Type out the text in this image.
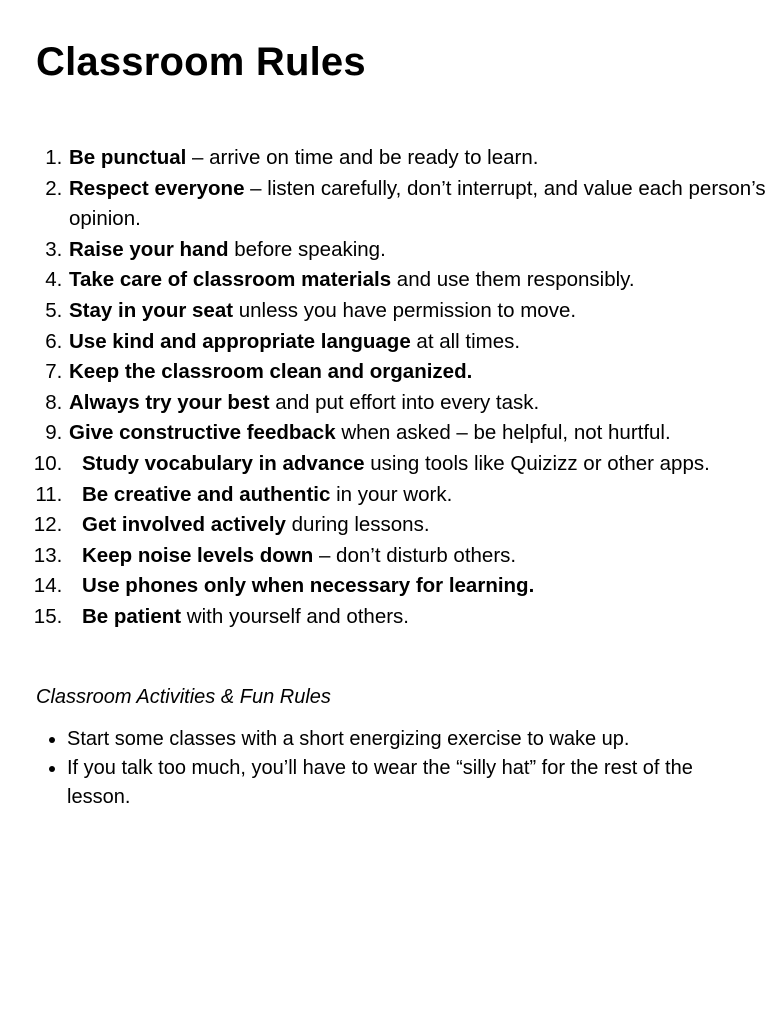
Classroom Rules
1. Be punctual – arrive on time and be ready to learn.
2. Respect everyone – listen carefully, don’t interrupt, and value each person’s opinion.
3. Raise your hand before speaking.
4. Take care of classroom materials and use them responsibly.
5. Stay in your seat unless you have permission to move.
6. Use kind and appropriate language at all times.
7. Keep the classroom clean and organized.
8. Always try your best and put effort into every task.
9. Give constructive feedback when asked – be helpful, not hurtful.
10. Study vocabulary in advance using tools like Quizizz or other apps.
11. Be creative and authentic in your work.
12. Get involved actively during lessons.
13. Keep noise levels down – don’t disturb others.
14. Use phones only when necessary for learning.
15. Be patient with yourself and others.
Classroom Activities & Fun Rules
• Start some classes with a short energizing exercise to wake up.
• If you talk too much, you’ll have to wear the “silly hat” for the rest of the lesson.
